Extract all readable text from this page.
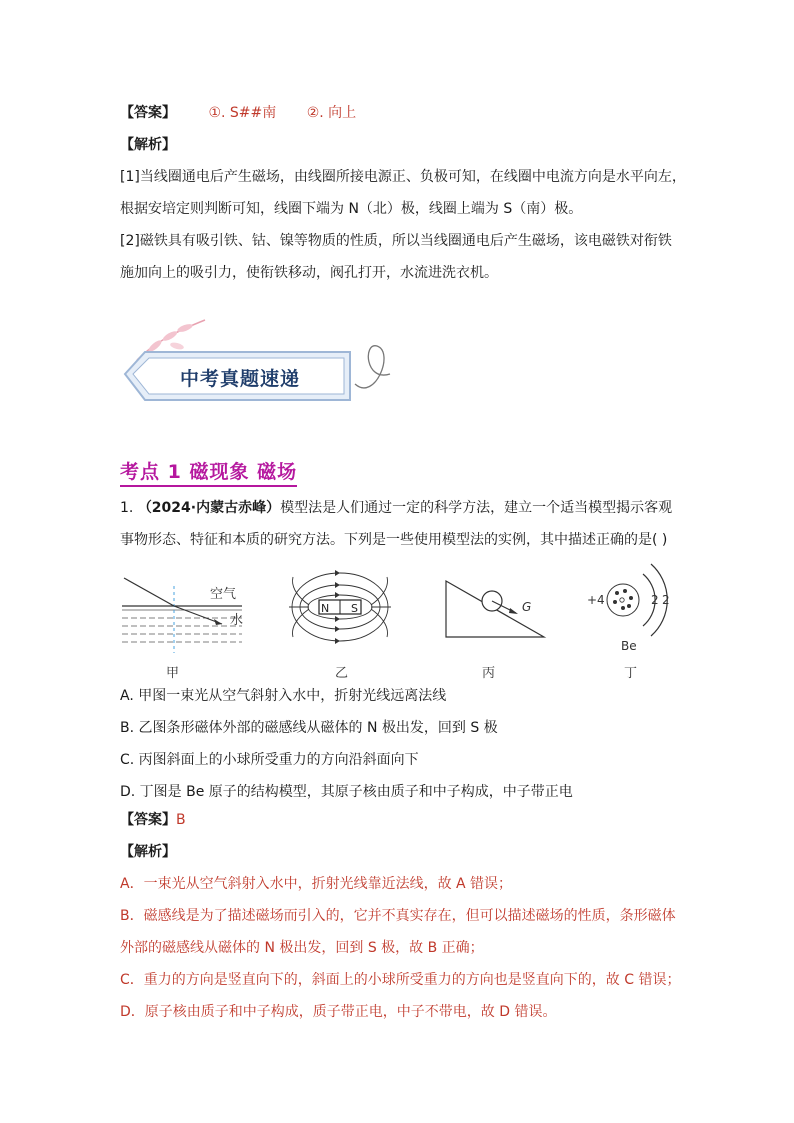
【答案】 ①. S##南 ②. 向上
【解析】
[1]当线圈通电后产生磁场，由线圈所接电源正、负极可知，在线圈中电流方向是水平向左，
根据安培定则判断可知，线圈下端为 N（北）极，线圈上端为 S（南）极。
[2]磁铁具有吸引铁、钴、镍等物质的性质，所以当线圈通电后产生磁场，该电磁铁对衔铁
施加向上的吸引力，使衔铁移动，阀孔打开，水流进洗衣机。
中考真题速递
考点 1 磁现象 磁场
1. （2024·内蒙古赤峰）模型法是人们通过一定的科学方法，建立一个适当模型揭示客观
事物形态、特征和本质的研究方法。下列是一些使用模型法的实例，其中描述正确的是( )
空气
水
N S	G	+4	2 2
Be
甲	乙	丙	丁
A. 甲图一束光从空气斜射入水中，折射光线远离法线
B. 乙图条形磁体外部的磁感线从磁体的 N 极出发，回到 S 极
C. 丙图斜面上的小球所受重力的方向沿斜面向下
D. 丁图是 Be 原子的结构模型，其原子核由质子和中子构成，中子带正电
【答案】B
【解析】
A．一束光从空气斜射入水中，折射光线靠近法线，故 A 错误；
B．磁感线是为了描述磁场而引入的，它并不真实存在，但可以描述磁场的性质，条形磁体
外部的磁感线从磁体的 N 极出发，回到 S 极，故 B 正确；
C．重力的方向是竖直向下的，斜面上的小球所受重力的方向也是竖直向下的，故 C 错误；
D．原子核由质子和中子构成，质子带正电，中子不带电，故 D 错误。
